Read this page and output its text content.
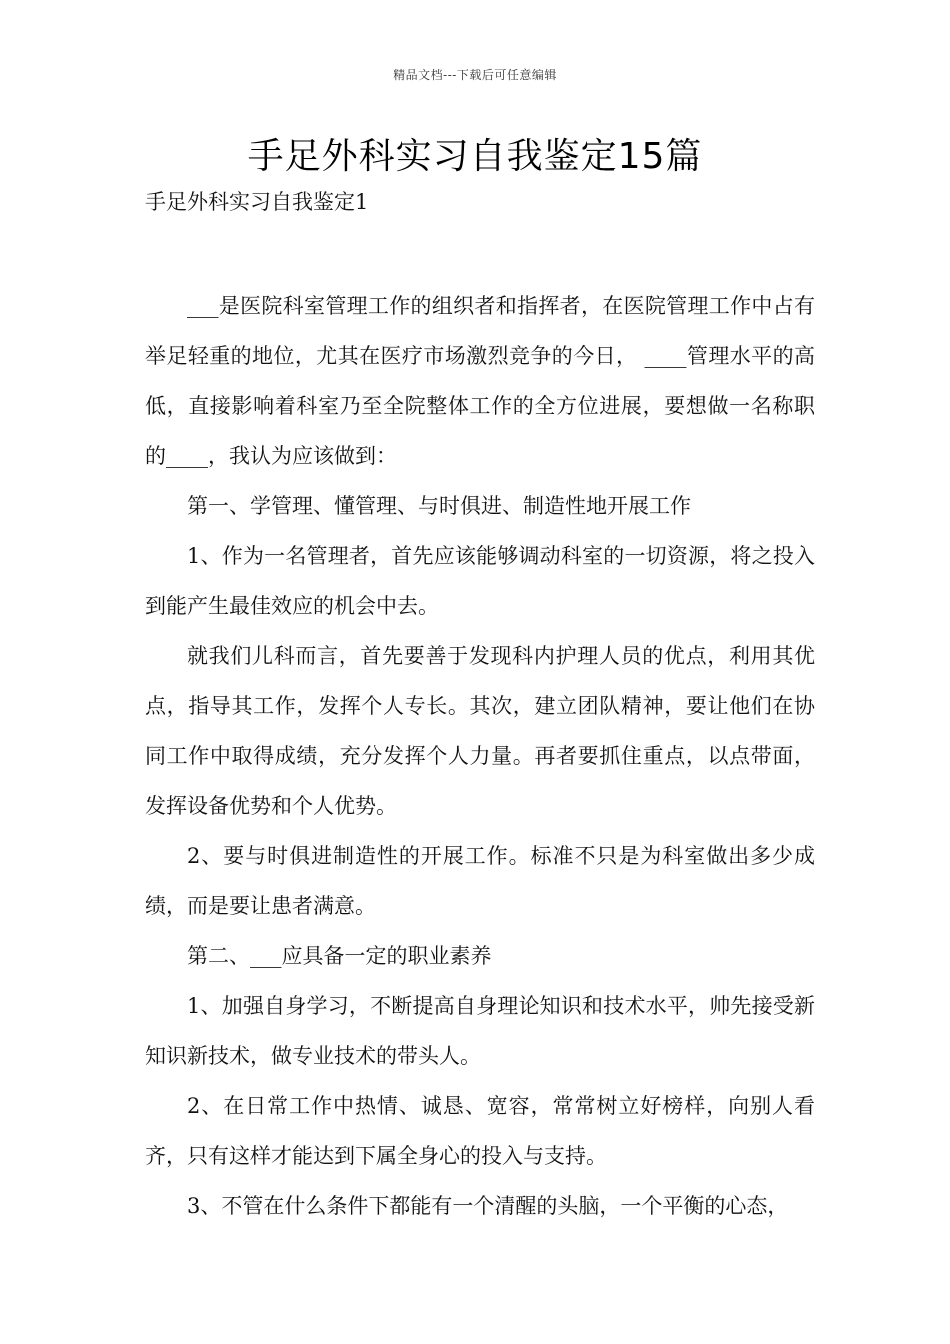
精品文档---下载后可任意编辑
手足外科实习自我鉴定15篇
手足外科实习自我鉴定1

___是医院科室管理工作的组织者和指挥者，在医院管理工作中占有举足轻重的地位，尤其在医疗市场激烈竞争的今日， ____管理水平的高低，直接影响着科室乃至全院整体工作的全方位进展，要想做一名称职的____，我认为应该做到：

第一、学管理、懂管理、与时俱进、制造性地开展工作

1、作为一名管理者，首先应该能够调动科室的一切资源，将之投入到能产生最佳效应的机会中去。

就我们儿科而言，首先要善于发现科内护理人员的优点，利用其优点，指导其工作，发挥个人专长。其次，建立团队精神，要让他们在协同工作中取得成绩，充分发挥个人力量。再者要抓住重点，以点带面，发挥设备优势和个人优势。

2、要与时俱进制造性的开展工作。标准不只是为科室做出多少成绩，而是要让患者满意。

第二、___应具备一定的职业素养

1、加强自身学习，不断提高自身理论知识和技术水平，帅先接受新知识新技术，做专业技术的带头人。

2、在日常工作中热情、诚恳、宽容，常常树立好榜样，向别人看齐，只有这样才能达到下属全身心的投入与支持。

3、不管在什么条件下都能有一个清醒的头脑，一个平衡的心态，
